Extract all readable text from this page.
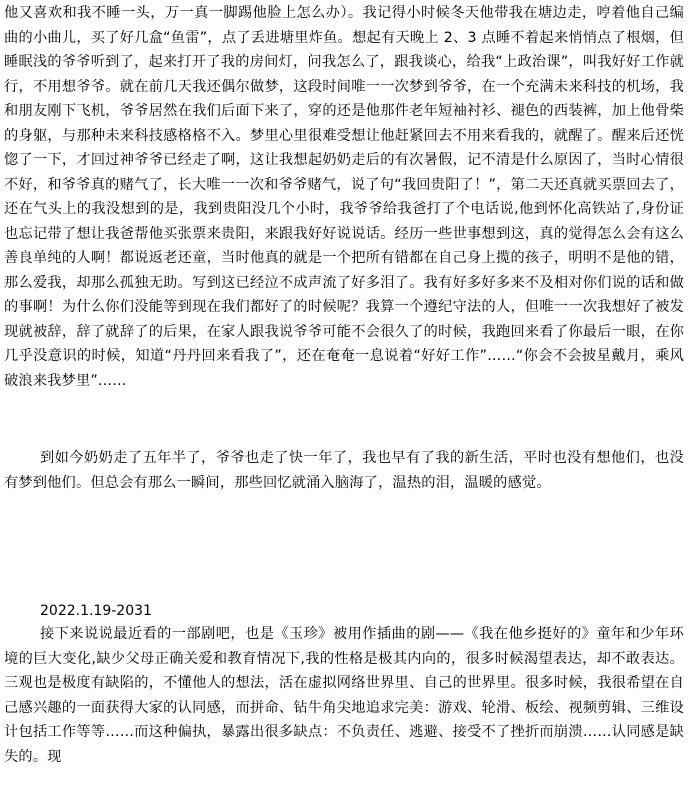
他又喜欢和我不睡一头，万一真一脚踢他脸上怎么办）。我记得小时候冬天他带我在塘边走，哼着他自己编曲的小曲儿，买了好几盒“鱼雷”，点了丢进塘里炸鱼。想起有天晚上 2、3 点睡不着起来悄悄点了根烟，但睡眠浅的爷爷听到了，起来打开了我的房间灯，问我怎么了，跟我谈心，给我“上政治课”，叫我好好工作就行，不用想爷爷。就在前几天我还偶尔做梦，这段时间唯一一次梦到爷爷，在一个充满未来科技的机场，我和朋友刚下飞机，爷爷居然在我们后面下来了，穿的还是他那件老年短袖衬衫、褪色的西装裤，加上他骨柴的身躯，与那种未来科技感格格不入。梦里心里很难受想让他赶紧回去不用来看我的，就醒了。醒来后还恍惚了一下，才回过神爷爷已经走了啊，这让我想起奶奶走后的有次暑假，记不清是什么原因了，当时心情很不好，和爷爷真的赌气了，长大唯一一次和爷爷赌气，说了句“我回贵阳了！”，第二天还真就买票回去了，还在气头上的我没想到的是，我到贵阳没几个小时，我爷爷给我爸打了个电话说,他到怀化高铁站了,身份证也忘记带了想让我爸帮他买张票来贵阳，来跟我好好说说话。经历一些世事想到这，真的觉得怎么会有这么善良单纯的人啊！都说返老还童，当时他真的就是一个把所有错都在自己身上揽的孩子，明明不是他的错，那么爱我，却那么孤独无助。写到这已经泣不成声流了好多泪了。我有好多好多来不及相对你们说的话和做的事啊！为什么你们没能等到现在我们都好了的时候呢？我算一个遵纪守法的人，但唯一一次我想好了被发现就被辞，辞了就辞了的后果，在家人跟我说爷爷可能不会很久了的时候，我跑回来看了你最后一眼，在你几乎没意识的时候，知道“丹丹回来看我了”，还在奄奄一息说着“好好工作”……“你会不会披星戴月，乘风破浪来我梦里”……

到如今奶奶走了五年半了，爷爷也走了快一年了，我也早有了我的新生活，平时也没有想他们，也没有梦到他们。但总会有那么一瞬间，那些回忆就涌入脑海了，温热的泪，温暖的感觉。

2022.1.19-2031

接下来说说最近看的一部剧吧，也是《玉珍》被用作插曲的剧——《我在他乡挺好的》童年和少年环境的巨大变化,缺少父母正确关爱和教育情况下,我的性格是极其内向的，很多时候渴望表达，却不敢表达。三观也是极度有缺陷的，不懂他人的想法，活在虚拟网络世界里、自己的世界里。很多时候，我很希望在自己感兴趣的一面获得大家的认同感，而拼命、钻牛角尖地追求完美：游戏、轮滑、板绘、视频剪辑、三维设计包括工作等等……而这种偏执，暴露出很多缺点：不负责任、逃避、接受不了挫折而崩溃……认同感是缺失的。现
